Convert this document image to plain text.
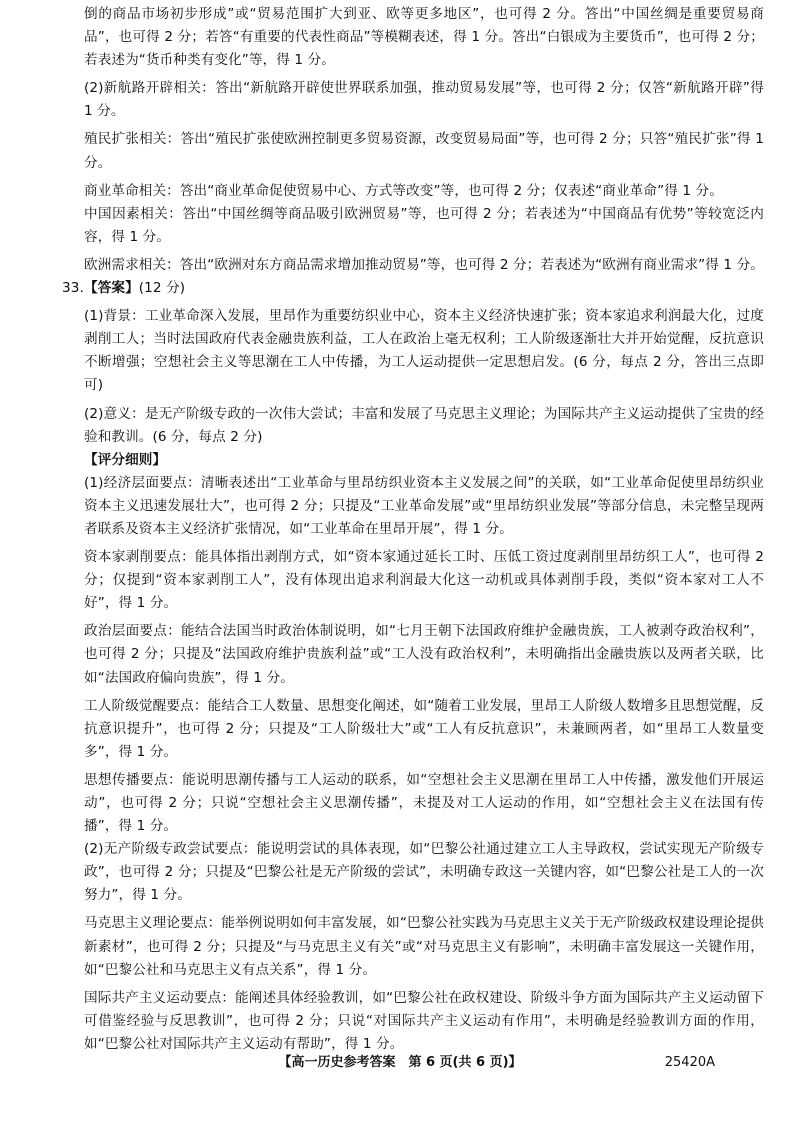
倒的商品市场初步形成”或“贸易范围扩大到亚、欧等更多地区”，也可得 2 分。答出“中国丝绸是重要贸易商品”，也可得 2 分；若答“有重要的代表性商品”等模糊表述，得 1 分。答出“白银成为主要货币”，也可得 2 分；若表述为“货币种类有变化”等，得 1 分。

(2)新航路开辟相关：答出“新航路开辟使世界联系加强，推动贸易发展”等，也可得 2 分；仅答“新航路开辟”得 1 分。

殖民扩张相关：答出“殖民扩张使欧洲控制更多贸易资源，改变贸易局面”等，也可得 2 分；只答“殖民扩张”得 1 分。

商业革命相关：答出“商业革命促使贸易中心、方式等改变”等，也可得 2 分；仅表述“商业革命”得 1 分。

中国因素相关：答出“中国丝绸等商品吸引欧洲贸易”等，也可得 2 分；若表述为“中国商品有优势”等较宽泛内容，得 1 分。

欧洲需求相关：答出“欧洲对东方商品需求增加推动贸易”等，也可得 2 分；若表述为“欧洲有商业需求”得 1 分。

33. 【答案】(12 分)

(1)背景：工业革命深入发展，里昂作为重要纺织业中心，资本主义经济快速扩张；资本家追求利润最大化，过度剥削工人；当时法国政府代表金融贵族利益，工人在政治上毫无权利；工人阶级逐渐壮大并开始觉醒，反抗意识不断增强；空想社会主义等思潮在工人中传播，为工人运动提供一定思想启发。(6 分，每点 2 分，答出三点即可)

(2)意义：是无产阶级专政的一次伟大尝试；丰富和发展了马克思主义理论；为国际共产主义运动提供了宝贵的经验和教训。(6 分，每点 2 分)

【评分细则】

(1)经济层面要点：清晰表述出“工业革命与里昂纺织业资本主义发展之间”的关联，如“工业革命促使里昂纺织业资本主义迅速发展壮大”，也可得 2 分；只提及“工业革命发展”或“里昂纺织业发展”等部分信息，未完整呈现两者联系及资本主义经济扩张情况，如“工业革命在里昂开展”，得 1 分。

资本家剥削要点：能具体指出剥削方式，如“资本家通过延长工时、压低工资过度剥削里昂纺织工人”，也可得 2 分；仅提到“资本家剥削工人”，没有体现出追求利润最大化这一动机或具体剥削手段，类似“资本家对工人不好”，得 1 分。

政治层面要点：能结合法国当时政治体制说明，如“七月王朝下法国政府维护金融贵族，工人被剥夺政治权利”，也可得 2 分；只提及“法国政府维护贵族利益”或“工人没有政治权利”，未明确指出金融贵族以及两者关联，比如“法国政府偏向贵族”，得 1 分。

工人阶级觉醒要点：能结合工人数量、思想变化阐述，如“随着工业发展，里昂工人阶级人数增多且思想觉醒，反抗意识提升”，也可得 2 分；只提及“工人阶级壮大”或“工人有反抗意识”，未兼顾两者，如“里昂工人数量变多”，得 1 分。

思想传播要点：能说明思潮传播与工人运动的联系，如“空想社会主义思潮在里昂工人中传播，激发他们开展运动”，也可得 2 分；只说“空想社会主义思潮传播”，未提及对工人运动的作用，如“空想社会主义在法国有传播”，得 1 分。

(2)无产阶级专政尝试要点：能说明尝试的具体表现，如“巴黎公社通过建立工人主导政权，尝试实现无产阶级专政”，也可得 2 分；只提及“巴黎公社是无产阶级的尝试”，未明确专政这一关键内容，如“巴黎公社是工人的一次努力”，得 1 分。

马克思主义理论要点：能举例说明如何丰富发展，如“巴黎公社实践为马克思主义关于无产阶级政权建设理论提供新素材”，也可得 2 分；只提及“与马克思主义有关”或“对马克思主义有影响”，未明确丰富发展这一关键作用，如“巴黎公社和马克思主义有点关系”，得 1 分。

国际共产主义运动要点：能阐述具体经验教训，如“巴黎公社在政权建设、阶级斗争方面为国际共产主义运动留下可借鉴经验与反思教训”，也可得 2 分；只说“对国际共产主义运动有作用”，未明确是经验教训方面的作用，如“巴黎公社对国际共产主义运动有帮助”，得 1 分。

【高一历史参考答案　第 6 页(共 6 页)】	25420A
